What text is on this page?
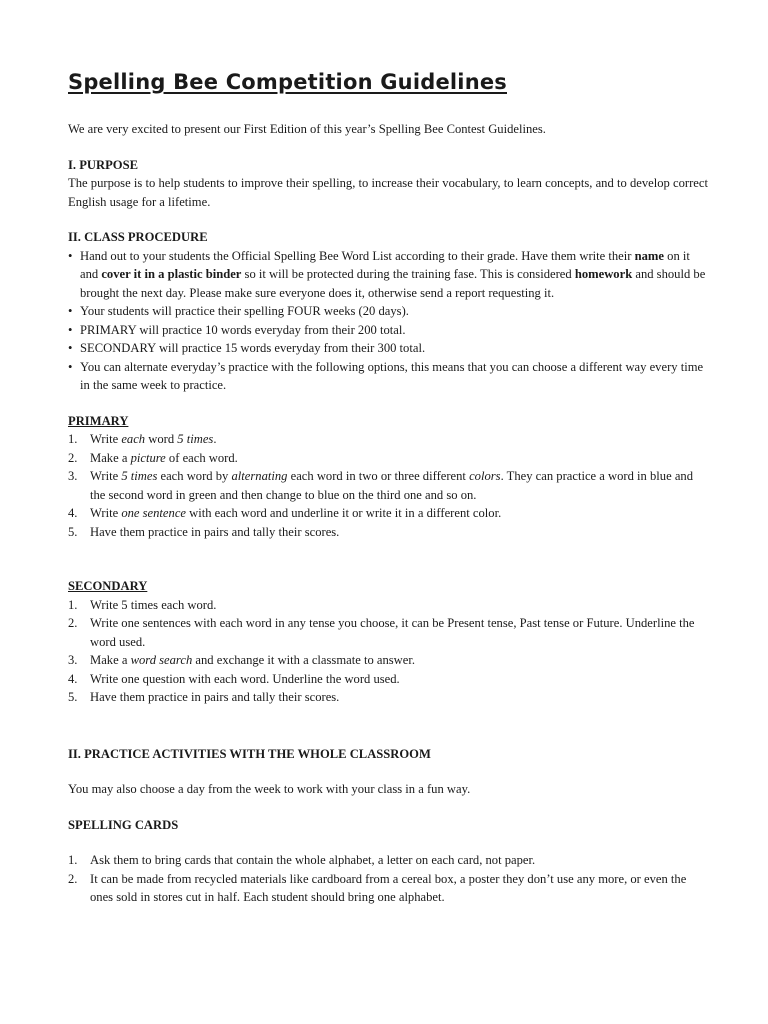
Spelling Bee Competition Guidelines

We are very excited to present our First Edition of this year’s Spelling Bee Contest Guidelines.

I. PURPOSE

The purpose is to help students to improve their spelling, to increase their vocabulary, to learn concepts, and to develop correct English usage for a lifetime.

II. CLASS PROCEDURE

• Hand out to your students the Official Spelling Bee Word List according to their grade. Have them write their name on it and cover it in a plastic binder so it will be protected during the training fase. This is considered homework and should be brought the next day. Please make sure everyone does it, otherwise send a report requesting it.
• Your students will practice their spelling FOUR weeks (20 days).
• PRIMARY will practice 10 words everyday from their 200 total.
• SECONDARY will practice 15 words everyday from their 300 total.
• You can alternate everyday’s practice with the following options, this means that you can choose a different way every time in the same week to practice.

PRIMARY

1. Write each word 5 times.
2. Make a picture of each word.
3. Write 5 times each word by alternating each word in two or three different colors. They can practice a word in blue and the second word in green and then change to blue on the third one and so on.
4. Write one sentence with each word and underline it or write it in a different color.
5. Have them practice in pairs and tally their scores.

SECONDARY

1. Write 5 times each word.
2. Write one sentences with each word in any tense you choose, it can be Present tense, Past tense or Future. Underline the word used.
3. Make a word search and exchange it with a classmate to answer.
4. Write one question with each word. Underline the word used.
5. Have them practice in pairs and tally their scores.

II. PRACTICE ACTIVITIES WITH THE WHOLE CLASSROOM

You may also choose a day from the week to work with your class in a fun way.

SPELLING CARDS

1. Ask them to bring cards that contain the whole alphabet, a letter on each card, not paper.
2. It can be made from recycled materials like cardboard from a cereal box, a poster they don’t use any more, or even the ones sold in stores cut in half. Each student should bring one alphabet.
